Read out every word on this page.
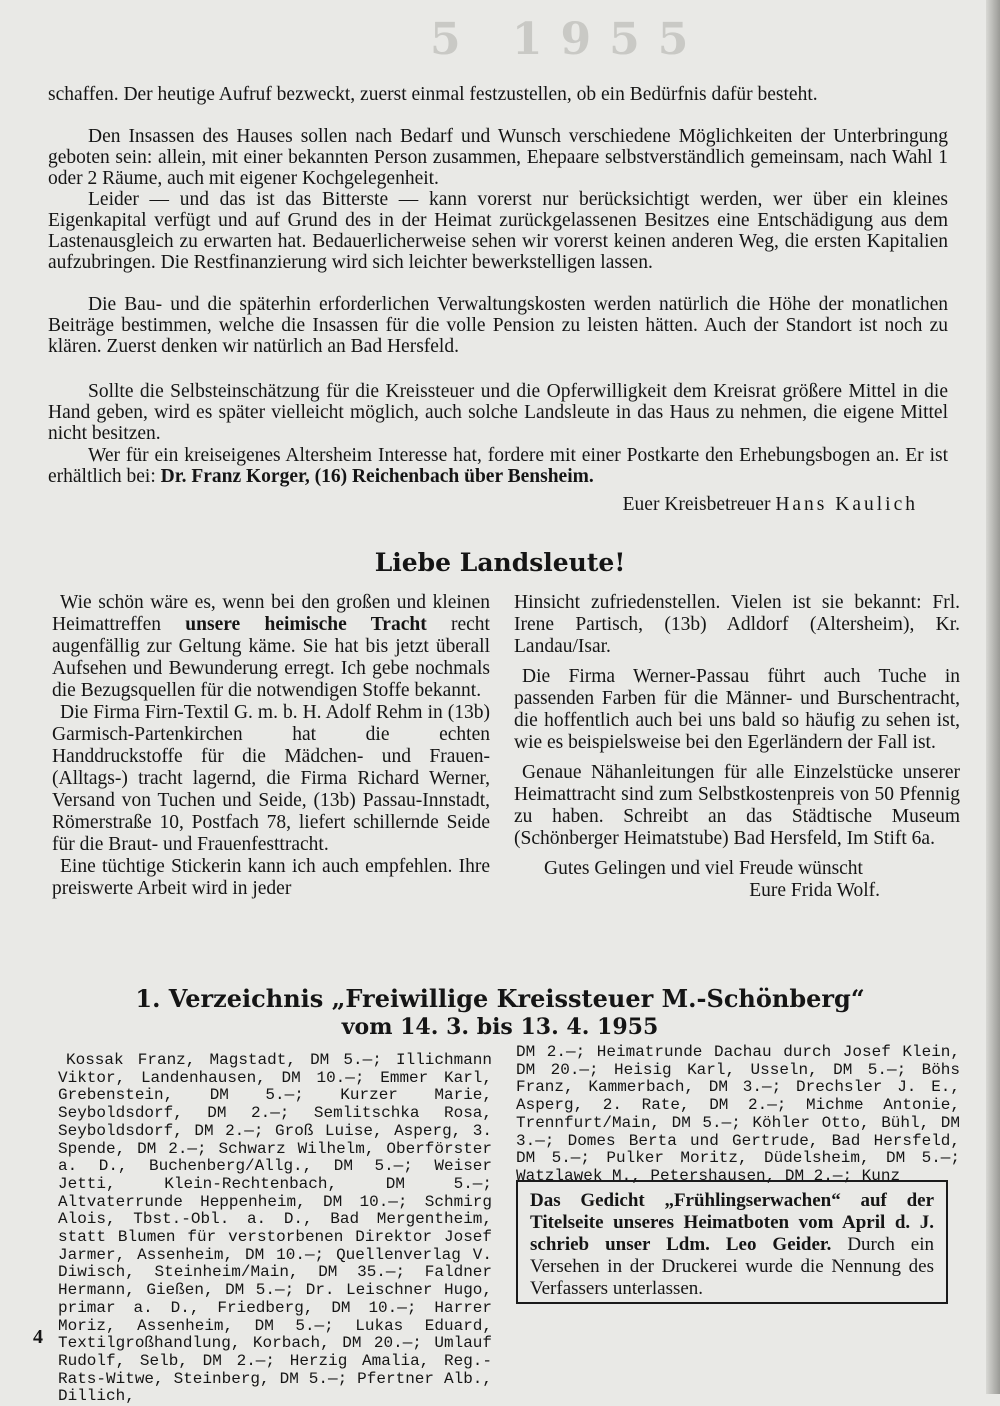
5 1955

schaffen. Der heutige Aufruf bezweckt, zuerst einmal festzustellen, ob ein Bedürfnis dafür besteht.

Den Insassen des Hauses sollen nach Bedarf und Wunsch verschiedene Möglichkeiten der Unterbringung geboten sein: allein, mit einer bekannten Person zusammen, Ehepaare selbstverständlich gemeinsam, nach Wahl 1 oder 2 Räume, auch mit eigener Kochgelegenheit.

Leider — und das ist das Bitterste — kann vorerst nur berücksichtigt werden, wer über ein kleines Eigenkapital verfügt und auf Grund des in der Heimat zurückgelassenen Besitzes eine Entschädigung aus dem Lastenausgleich zu erwarten hat. Bedauerlicherweise sehen wir vorerst keinen anderen Weg, die ersten Kapitalien aufzubringen. Die Restfinanzierung wird sich leichter bewerkstelligen lassen.

Die Bau- und die späterhin erforderlichen Verwaltungskosten werden natürlich die Höhe der monatlichen Beiträge bestimmen, welche die Insassen für die volle Pension zu leisten hätten. Auch der Standort ist noch zu klären. Zuerst denken wir natürlich an Bad Hersfeld.

Sollte die Selbsteinschätzung für die Kreissteuer und die Opferwilligkeit dem Kreisrat größere Mittel in die Hand geben, wird es später vielleicht möglich, auch solche Landsleute in das Haus zu nehmen, die eigene Mittel nicht besitzen.

Wer für ein kreiseigenes Altersheim Interesse hat, fordere mit einer Postkarte den Erhebungsbogen an. Er ist erhältlich bei: Dr. Franz Korger, (16) Reichenbach über Bensheim.

Euer Kreisbetreuer Hans Kaulich

Liebe Landsleute!

Wie schön wäre es, wenn bei den großen und kleinen Heimattreffen unsere heimische Tracht recht augenfällig zur Geltung käme. Sie hat bis jetzt überall Aufsehen und Bewunderung erregt. Ich gebe nochmals die Bezugsquellen für die notwendigen Stoffe bekannt.

Die Firma Firn-Textil G. m. b. H. Adolf Rehm in (13b) Garmisch-Partenkirchen hat die echten Handdruckstoffe für die Mädchen- und Frauen- (Alltags-) tracht lagernd, die Firma Richard Werner, Versand von Tuchen und Seide, (13b) Passau-Innstadt, Römerstraße 10, Postfach 78, liefert schillernde Seide für die Braut- und Frauenfesttracht.

Eine tüchtige Stickerin kann ich auch empfehlen. Ihre preiswerte Arbeit wird in jeder

Hinsicht zufriedenstellen. Vielen ist sie bekannt: Frl. Irene Partisch, (13b) Adldorf (Altersheim), Kr. Landau/Isar.

Die Firma Werner-Passau führt auch Tuche in passenden Farben für die Männer- und Burschentracht, die hoffentlich auch bei uns bald so häufig zu sehen ist, wie es beispielsweise bei den Egerländern der Fall ist.

Genaue Nähanleitungen für alle Einzelstücke unserer Heimattracht sind zum Selbstkostenpreis von 50 Pfennig zu haben. Schreibt an das Städtische Museum (Schönberger Heimatstube) Bad Hersfeld, Im Stift 6a.

Gutes Gelingen und viel Freude wünscht

Eure Frida Wolf.

1. Verzeichnis „Freiwillige Kreissteuer M.-Schönberg“
vom 14. 3. bis 13. 4. 1955

Kossak Franz, Magstadt, DM 5.—; Illichmann Viktor, Landenhausen, DM 10.—; Emmer Karl, Grebenstein, DM 5.—; Kurzer Marie, Seyboldsdorf, DM 2.—; Semlitschka Rosa, Seyboldsdorf, DM 2.—; Groß Luise, Asperg, 3. Spende, DM 2.—; Schwarz Wilhelm, Oberförster a. D., Buchenberg/Allg., DM 5.—; Weiser Jetti, Klein-Rechtenbach, DM 5.—; Altvaterrunde Heppenheim, DM 10.—; Schmirg Alois, Tbst.-Obl. a. D., Bad Mergentheim, statt Blumen für verstorbenen Direktor Josef Jarmer, Assenheim, DM 10.—; Quellenverlag V. Diwisch, Steinheim/Main, DM 35.—; Faldner Hermann, Gießen, DM 5.—; Dr. Leischner Hugo, primar a. D., Friedberg, DM 10.—; Harrer Moriz, Assenheim, DM 5.—; Lukas Eduard, Textilgroßhandlung, Korbach, DM 20.—; Umlauf Rudolf, Selb, DM 2.—; Herzig Amalia, Reg.-Rats-Witwe, Steinberg, DM 5.—; Pfertner Alb., Dillich,

DM 2.—; Heimatrunde Dachau durch Josef Klein, DM 20.—; Heisig Karl, Usseln, DM 5.—; Böhs Franz, Kammerbach, DM 3.—; Drechsler J. E., Asperg, 2. Rate, DM 2.—; Michme Antonie, Trennfurt/Main, DM 5.—; Köhler Otto, Bühl, DM 3.—; Domes Berta und Gertrude, Bad Hersfeld, DM 5.—; Pulker Moritz, Düdelsheim, DM 5.—; Watzlawek M., Petershausen, DM 2.—; Kunz

Das Gedicht „Frühlingserwachen“ auf der Titelseite unseres Heimatboten vom April d. J. schrieb unser Ldm. Leo Geider. Durch ein Versehen in der Druckerei wurde die Nennung des Verfassers unterlassen.
4
